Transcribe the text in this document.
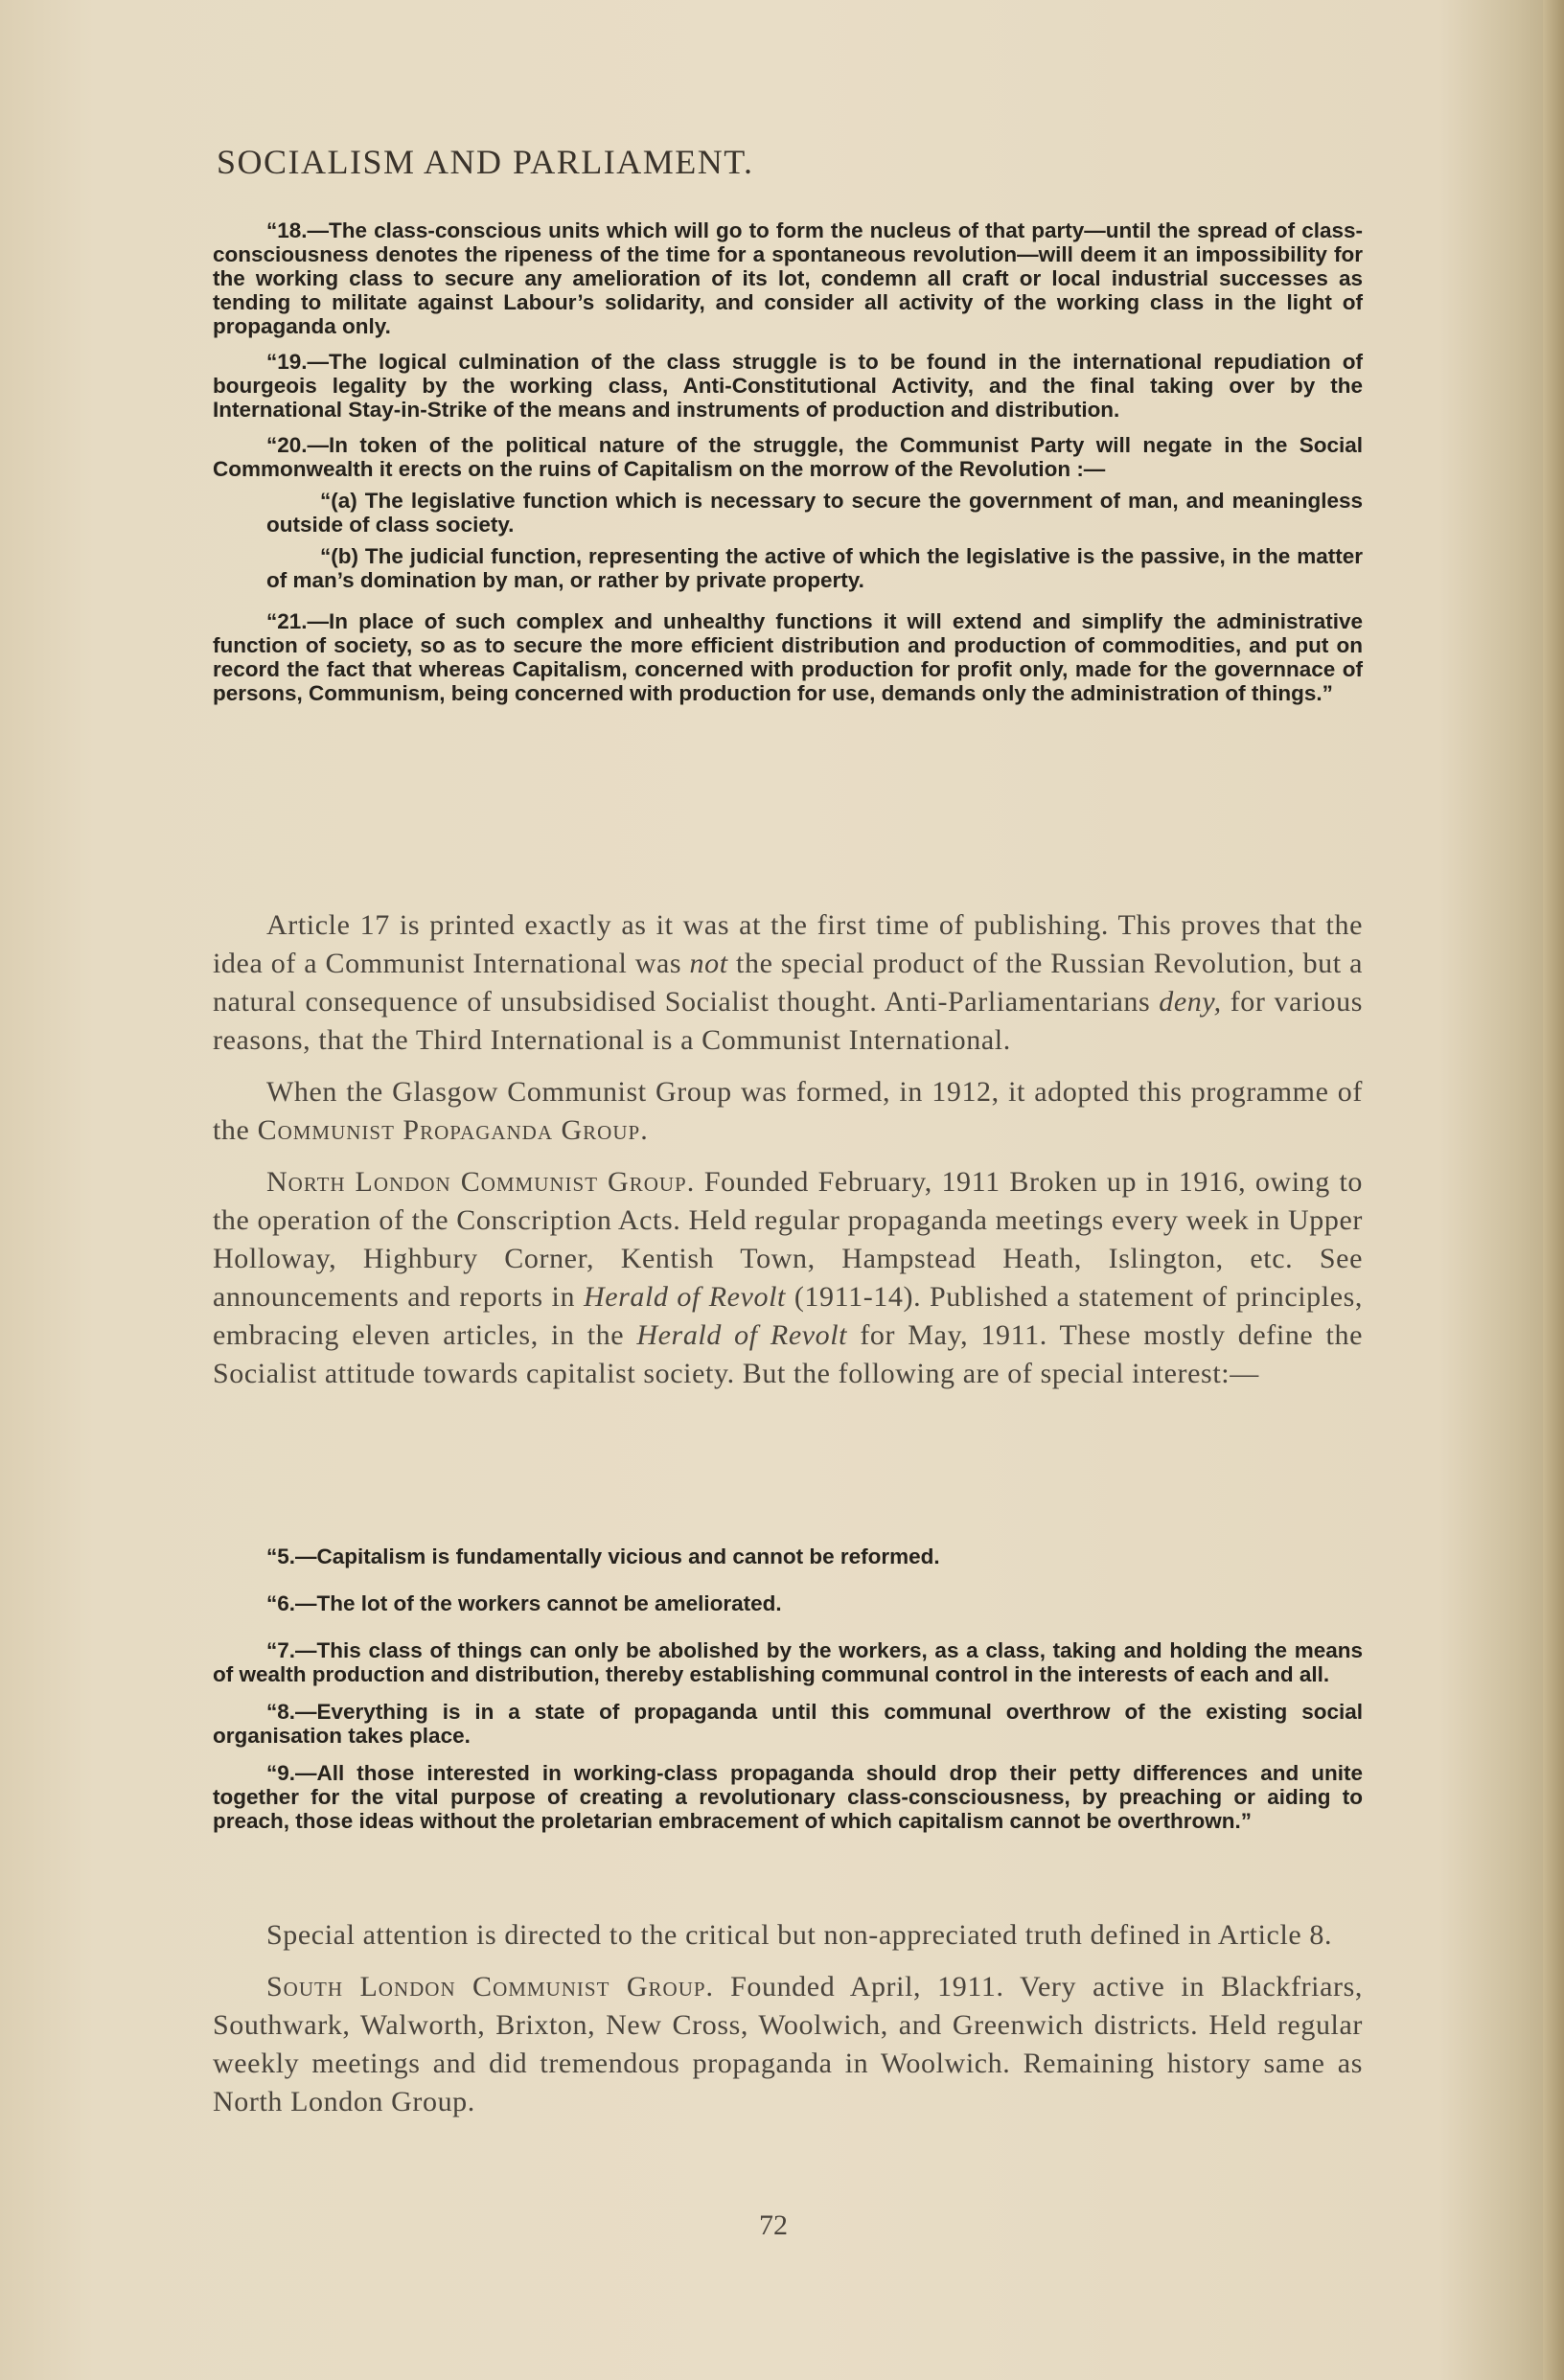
SOCIALISM AND PARLIAMENT.

“18.—The class-conscious units which will go to form the nucleus of that party—until the spread of class-consciousness denotes the ripeness of the time for a spontaneous revolution—will deem it an impossibility for the working class to secure any amelioration of its lot, condemn all craft or local industrial successes as tending to militate against Labour’s solidarity, and consider all activity of the working class in the light of propaganda only.

“19.—The logical culmination of the class struggle is to be found in the international repudiation of bourgeois legality by the working class, Anti-Constitutional Activity, and the final taking over by the International Stay-in-Strike of the means and instruments of production and distribution.

“20.—In token of the political nature of the struggle, the Communist Party will negate in the Social Commonwealth it erects on the ruins of Capitalism on the morrow of the Revolution :—

“(a) The legislative function which is necessary to secure the government of man, and meaningless outside of class society.

“(b) The judicial function, representing the active of which the legislative is the passive, in the matter of man’s domination by man, or rather by private property.

“21.—In place of such complex and unhealthy functions it will extend and simplify the administrative function of society, so as to secure the more efficient distribution and production of commodities, and put on record the fact that whereas Capitalism, concerned with production for profit only, made for the governnace of persons, Communism, being concerned with production for use, demands only the administration of things.”

Article 17 is printed exactly as it was at the first time of publishing. This proves that the idea of a Communist International was not the special product of the Russian Revolution, but a natural consequence of unsubsidised Socialist thought. Anti-Parliamentarians deny, for various reasons, that the Third International is a Communist International.

When the Glasgow Communist Group was formed, in 1912, it adopted this programme of the Communist Propaganda Group.

North London Communist Group. Founded February, 1911 Broken up in 1916, owing to the operation of the Conscription Acts. Held regular propaganda meetings every week in Upper Holloway, Highbury Corner, Kentish Town, Hampstead Heath, Islington, etc. See announcements and reports in Herald of Revolt (1911-14). Published a statement of principles, embracing eleven articles, in the Herald of Revolt for May, 1911. These mostly define the Socialist attitude towards capitalist society. But the following are of special interest:—

“5.—Capitalism is fundamentally vicious and cannot be reformed.

“6.—The lot of the workers cannot be ameliorated.

“7.—This class of things can only be abolished by the workers, as a class, taking and holding the means of wealth production and distribution, thereby establishing communal control in the interests of each and all.

“8.—Everything is in a state of propaganda until this communal overthrow of the existing social organisation takes place.

“9.—All those interested in working-class propaganda should drop their petty differences and unite together for the vital purpose of creating a revolutionary class-consciousness, by preaching or aiding to preach, those ideas without the proletarian embracement of which capitalism cannot be overthrown.”

Special attention is directed to the critical but non-appreciated truth defined in Article 8.

South London Communist Group. Founded April, 1911. Very active in Blackfriars, Southwark, Walworth, Brixton, New Cross, Woolwich, and Greenwich districts. Held regular weekly meetings and did tremendous propaganda in Woolwich. Remaining history same as North London Group.

72
